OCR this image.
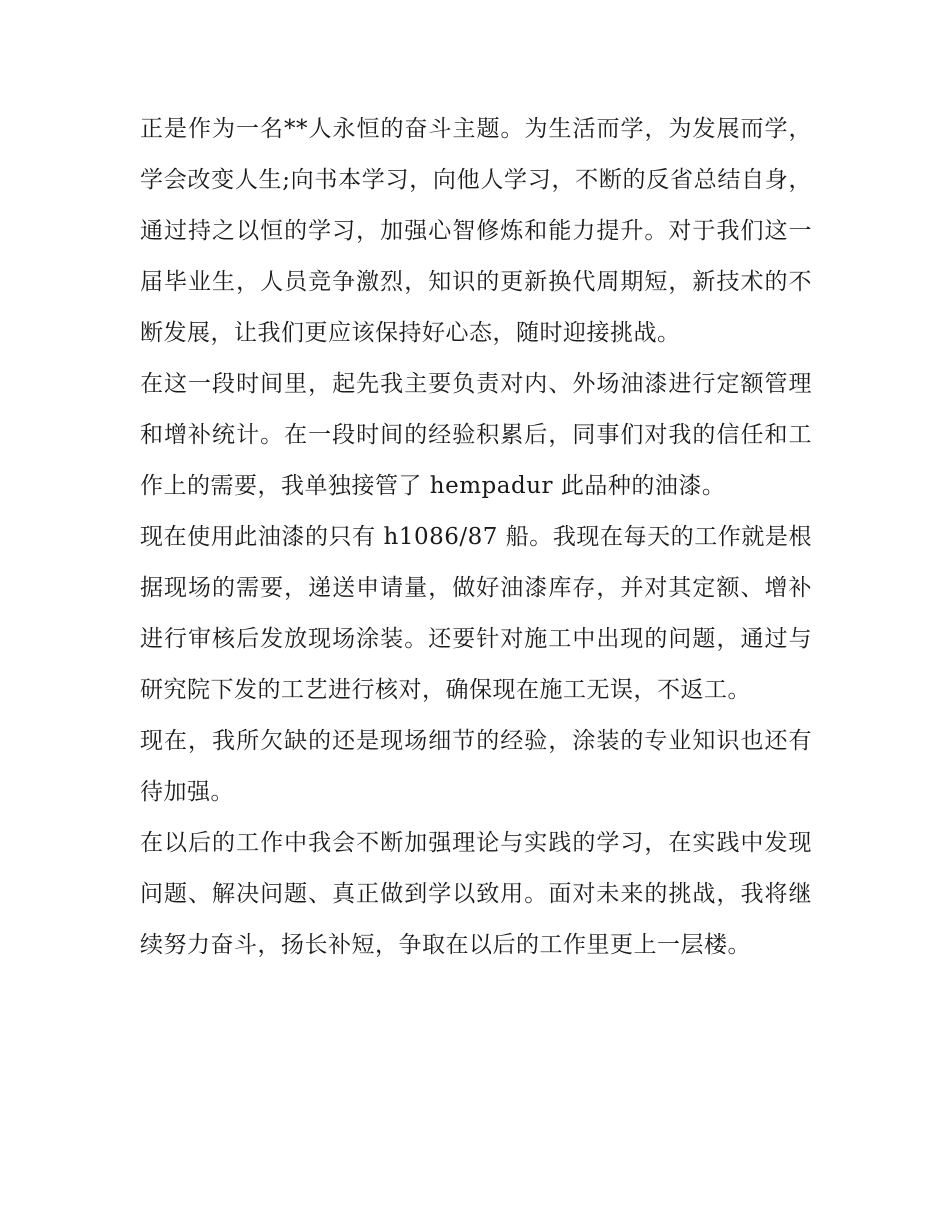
正是作为一名**人永恒的奋斗主题。为生活而学，为发展而学，学会改变人生;向书本学习，向他人学习，不断的反省总结自身，通过持之以恒的学习，加强心智修炼和能力提升。对于我们这一届毕业生，人员竞争激烈，知识的更新换代周期短，新技术的不断发展，让我们更应该保持好心态，随时迎接挑战。

在这一段时间里，起先我主要负责对内、外场油漆进行定额管理和增补统计。在一段时间的经验积累后，同事们对我的信任和工作上的需要，我单独接管了 hempadur 此品种的油漆。

现在使用此油漆的只有 h1086/87 船。我现在每天的工作就是根据现场的需要，递送申请量，做好油漆库存，并对其定额、增补进行审核后发放现场涂装。还要针对施工中出现的问题，通过与研究院下发的工艺进行核对，确保现在施工无误，不返工。

现在，我所欠缺的还是现场细节的经验，涂装的专业知识也还有待加强。

在以后的工作中我会不断加强理论与实践的学习，在实践中发现问题、解决问题、真正做到学以致用。面对未来的挑战，我将继续努力奋斗，扬长补短，争取在以后的工作里更上一层楼。
